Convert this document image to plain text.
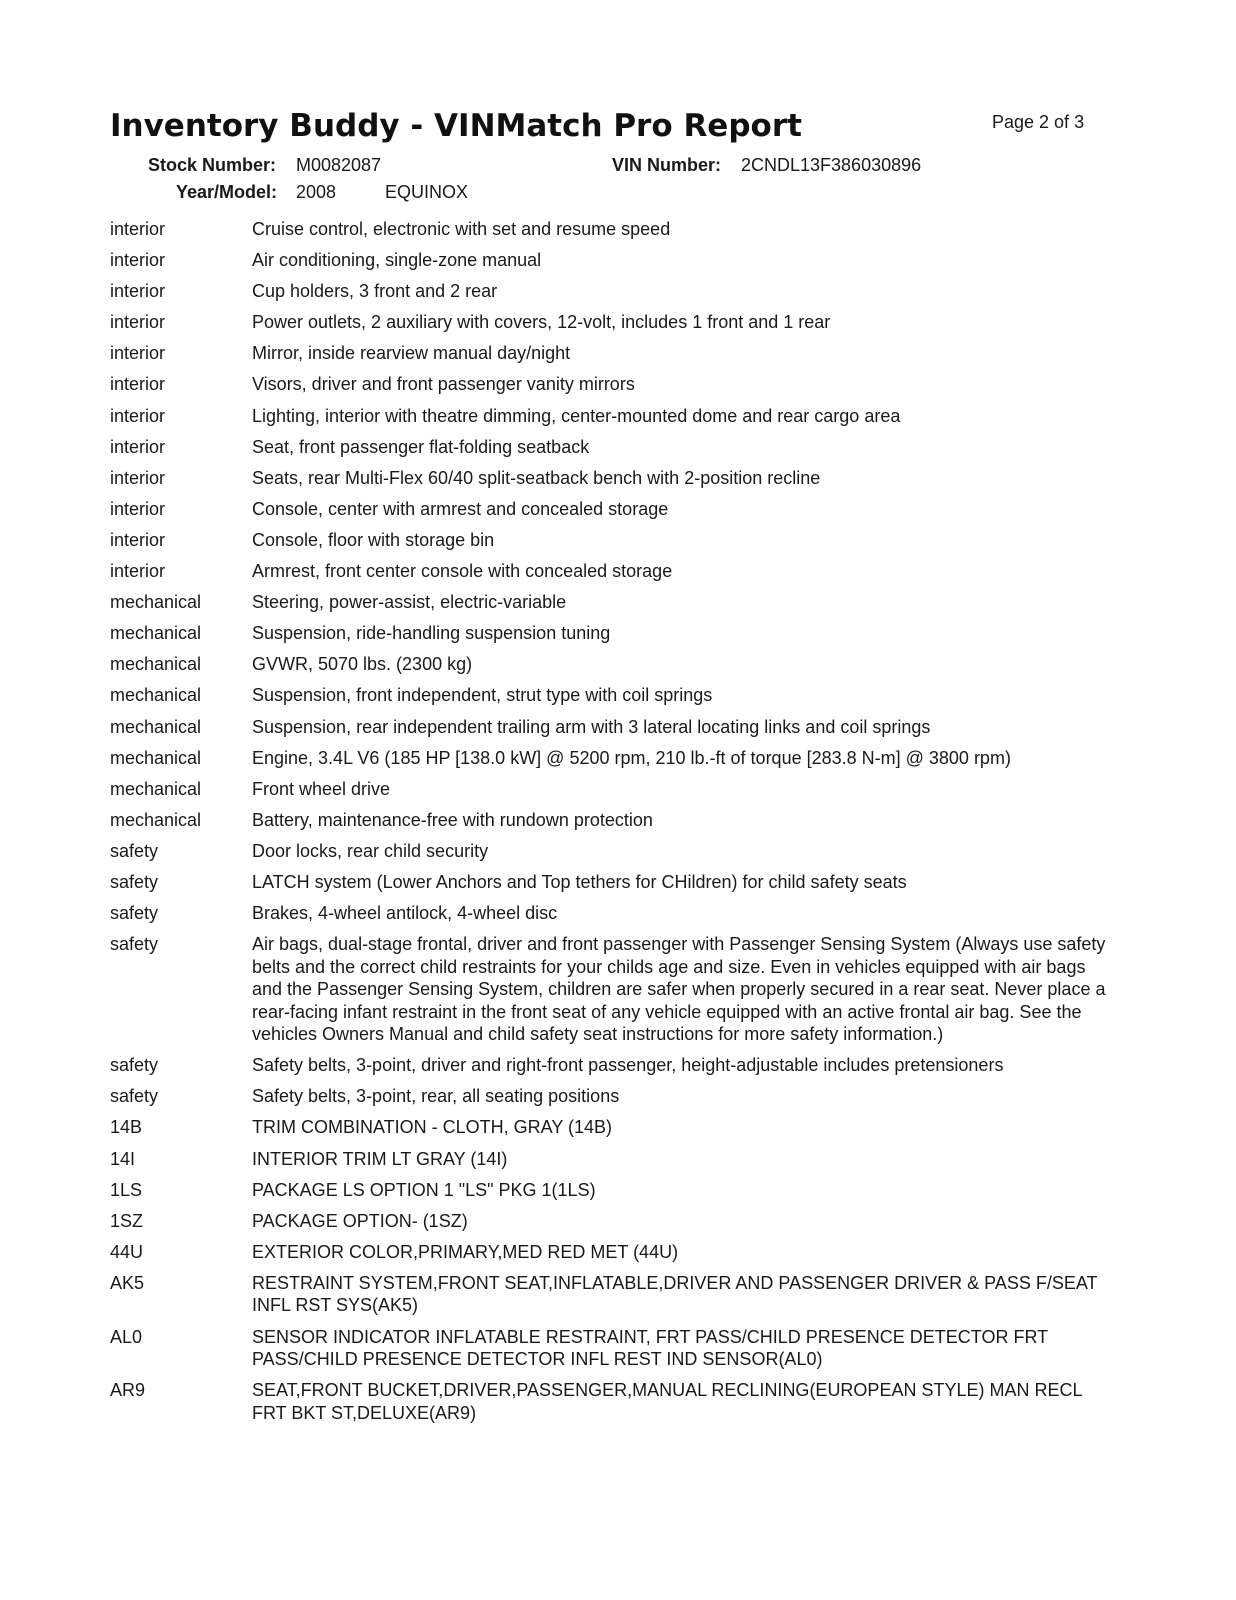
Inventory Buddy - VINMatch Pro Report	Page 2 of 3
Stock Number: M0082087	VIN Number: 2CNDL13F386030896
Year/Model: 2008	EQUINOX
interior	Cruise control, electronic with set and resume speed
interior	Air conditioning, single-zone manual
interior	Cup holders, 3 front and 2 rear
interior	Power outlets, 2 auxiliary with covers, 12-volt, includes 1 front and 1 rear
interior	Mirror, inside rearview manual day/night
interior	Visors, driver and front passenger vanity mirrors
interior	Lighting, interior with theatre dimming, center-mounted dome and rear cargo area
interior	Seat, front passenger flat-folding seatback
interior	Seats, rear Multi-Flex 60/40 split-seatback bench with 2-position recline
interior	Console, center with armrest and concealed storage
interior	Console, floor with storage bin
interior	Armrest, front center console with concealed storage
mechanical	Steering, power-assist, electric-variable
mechanical	Suspension, ride-handling suspension tuning
mechanical	GVWR, 5070 lbs. (2300 kg)
mechanical	Suspension, front independent, strut type with coil springs
mechanical	Suspension, rear independent trailing arm with 3 lateral locating links and coil springs
mechanical	Engine, 3.4L V6 (185 HP [138.0 kW] @ 5200 rpm, 210 lb.-ft of torque [283.8 N-m] @ 3800 rpm)
mechanical	Front wheel drive
mechanical	Battery, maintenance-free with rundown protection
safety	Door locks, rear child security
safety	LATCH system (Lower Anchors and Top tethers for CHildren) for child safety seats
safety	Brakes, 4-wheel antilock, 4-wheel disc
safety	Air bags, dual-stage frontal, driver and front passenger with Passenger Sensing System (Always use safety belts and the correct child restraints for your childs age and size. Even in vehicles equipped with air bags and the Passenger Sensing System, children are safer when properly secured in a rear seat. Never place a rear-facing infant restraint in the front seat of any vehicle equipped with an active frontal air bag. See the vehicles Owners Manual and child safety seat instructions for more safety information.)
safety	Safety belts, 3-point, driver and right-front passenger, height-adjustable includes pretensioners
safety	Safety belts, 3-point, rear, all seating positions
14B	TRIM COMBINATION - CLOTH, GRAY (14B)
14I	INTERIOR TRIM LT GRAY (14I)
1LS	PACKAGE LS OPTION 1 "LS" PKG 1(1LS)
1SZ	PACKAGE OPTION- (1SZ)
44U	EXTERIOR COLOR,PRIMARY,MED RED MET (44U)
AK5	RESTRAINT SYSTEM,FRONT SEAT,INFLATABLE,DRIVER AND PASSENGER DRIVER & PASS F/SEAT INFL RST SYS(AK5)
AL0	SENSOR INDICATOR INFLATABLE RESTRAINT, FRT PASS/CHILD PRESENCE DETECTOR FRT PASS/CHILD PRESENCE DETECTOR INFL REST IND SENSOR(AL0)
AR9	SEAT,FRONT BUCKET,DRIVER,PASSENGER,MANUAL RECLINING(EUROPEAN STYLE) MAN RECL FRT BKT ST,DELUXE(AR9)
